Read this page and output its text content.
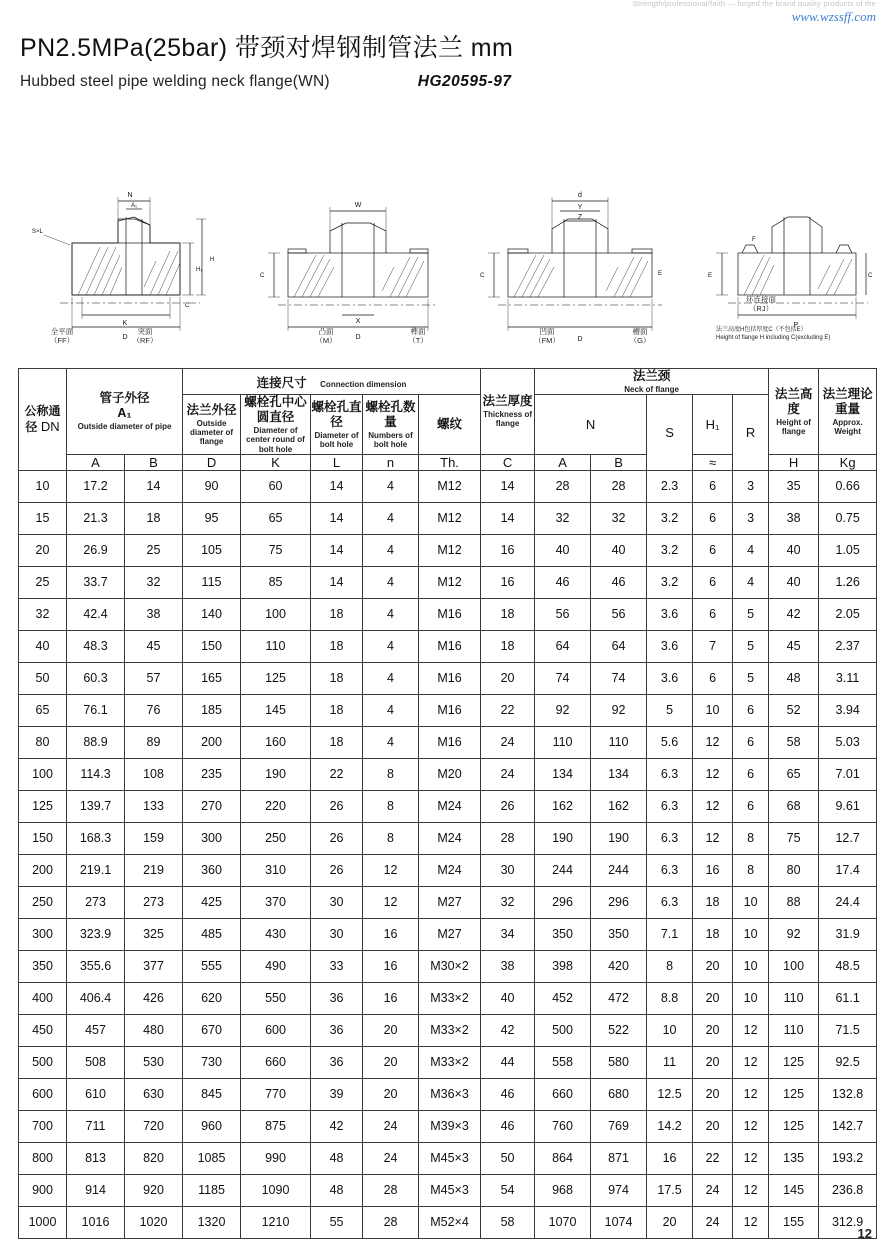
Strength/professional/faith — forged the brand quality products of the
www.wzssff.com
PN2.5MPa(25bar) 带颈对焊钢制管法兰 mm
Hubbed steel pipe welding neck flange(WN)	HG20595-97
N
A₁
K
D
H₁
H
S×L
C
全平面
（FF）
突面
（RF）
W
X
D
C
凸面
（M）
榫面
（T）
d
Y
Z
D
C	E
凹面
（FM）
槽面
（G）
P
F
E	C
环连接面
（RJ）
法兰高度H包括厚度C（不包括E）
Height of flange H including C(excluding E)
公称通径 DN	管子外径
A₁
Outside diameter of pipe		连接尺寸 Connection dimension					法兰厚度
Thickness of flange	法兰颈
Neck of flange					法兰高度
Height of flange	法兰理论重量
Approx. Weight

			法兰外径
Outside diameter of flange	螺栓孔中心圆直径
Diameter of center round of bolt hole	螺栓孔直径
Diameter of bolt hole	螺栓孔数量
Numbers of bolt hole	螺纹		N		S	H₁	R		
	A	B	D	K	L	n	Th.	C	A	B		≈		H	Kg
10	17.2	14	90	60	14	4	M12	14	28	28	2.3	6	3	35	0.66
15	21.3	18	95	65	14	4	M12	14	32	32	3.2	6	3	38	0.75
20	26.9	25	105	75	14	4	M12	16	40	40	3.2	6	4	40	1.05
25	33.7	32	115	85	14	4	M12	16	46	46	3.2	6	4	40	1.26
32	42.4	38	140	100	18	4	M16	18	56	56	3.6	6	5	42	2.05
40	48.3	45	150	110	18	4	M16	18	64	64	3.6	7	5	45	2.37
50	60.3	57	165	125	18	4	M16	20	74	74	3.6	6	5	48	3.11
65	76.1	76	185	145	18	4	M16	22	92	92	5	10	6	52	3.94
80	88.9	89	200	160	18	4	M16	24	110	110	5.6	12	6	58	5.03
100	114.3	108	235	190	22	8	M20	24	134	134	6.3	12	6	65	7.01
125	139.7	133	270	220	26	8	M24	26	162	162	6.3	12	6	68	9.61
150	168.3	159	300	250	26	8	M24	28	190	190	6.3	12	8	75	12.7
200	219.1	219	360	310	26	12	M24	30	244	244	6.3	16	8	80	17.4
250	273	273	425	370	30	12	M27	32	296	296	6.3	18	10	88	24.4
300	323.9	325	485	430	30	16	M27	34	350	350	7.1	18	10	92	31.9
350	355.6	377	555	490	33	16	M30×2	38	398	420	8	20	10	100	48.5
400	406.4	426	620	550	36	16	M33×2	40	452	472	8.8	20	10	110	61.1
450	457	480	670	600	36	20	M33×2	42	500	522	10	20	12	110	71.5
500	508	530	730	660	36	20	M33×2	44	558	580	11	20	12	125	92.5
600	610	630	845	770	39	20	M36×3	46	660	680	12.5	20	12	125	132.8
700	711	720	960	875	42	24	M39×3	46	760	769	14.2	20	12	125	142.7
800	813	820	1085	990	48	24	M45×3	50	864	871	16	22	12	135	193.2
900	914	920	1185	1090	48	28	M45×3	54	968	974	17.5	24	12	145	236.8
1000	1016	1020	1320	1210	55	28	M52×4	58	1070	1074	20	24	12	155	312.9
12
